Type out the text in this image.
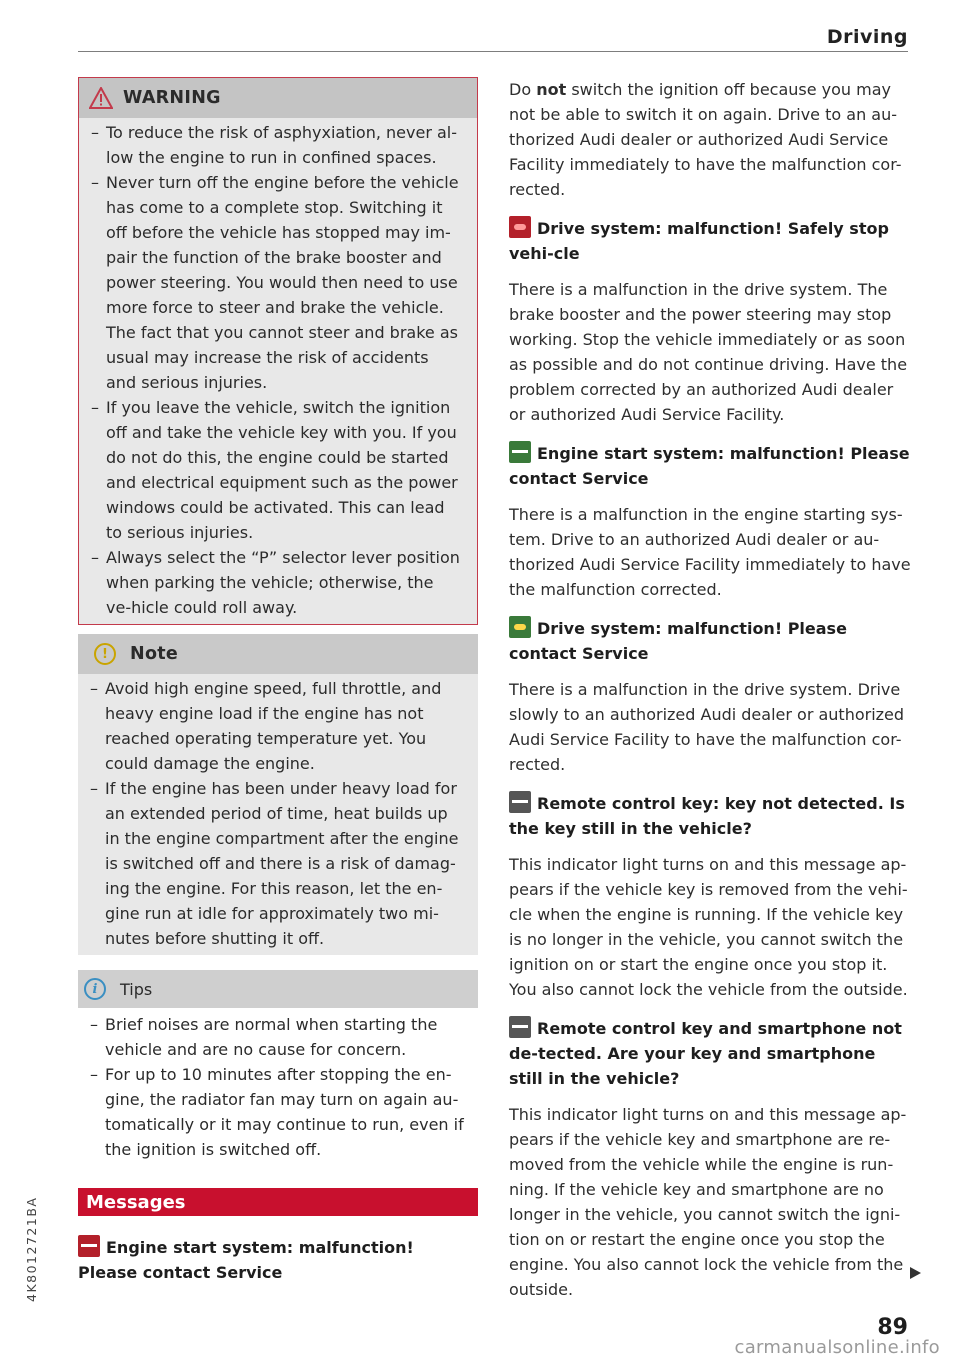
Driving
4K8012721BA
WARNING
– To reduce the risk of asphyxiation, never al-low the engine to run in confined spaces.
– Never turn off the engine before the vehicle has come to a complete stop. Switching it off before the vehicle has stopped may im-pair the function of the brake booster and power steering. You would then need to use more force to steer and brake the vehicle. The fact that you cannot steer and brake as usual may increase the risk of accidents and serious injuries.
– If you leave the vehicle, switch the ignition off and take the vehicle key with you. If you do not do this, the engine could be started and electrical equipment such as the power windows could be activated. This can lead to serious injuries.
– Always select the “P” selector lever position when parking the vehicle; otherwise, the ve-hicle could roll away.
!	Note
– Avoid high engine speed, full throttle, and heavy engine load if the engine has not reached operating temperature yet. You could damage the engine.
– If the engine has been under heavy load for an extended period of time, heat builds up in the engine compartment after the engine is switched off and there is a risk of damag-ing the engine. For this reason, let the en-gine run at idle for approximately two mi-nutes before shutting it off.
i	Tips
– Brief noises are normal when starting the vehicle and are no cause for concern.
– For up to 10 minutes after stopping the en-gine, the radiator fan may turn on again au-tomatically or it may continue to run, even if the ignition is switched off.
Messages
Engine start system: malfunction! Please contact Service

Do not switch the ignition off because you may not be able to switch it on again. Drive to an au-thorized Audi dealer or authorized Audi Service Facility immediately to have the malfunction cor-rected.

Drive system: malfunction! Safely stop vehi-cle

There is a malfunction in the drive system. The brake booster and the power steering may stop working. Stop the vehicle immediately or as soon as possible and do not continue driving. Have the problem corrected by an authorized Audi dealer or authorized Audi Service Facility.

Engine start system: malfunction! Please contact Service

There is a malfunction in the engine starting sys-tem. Drive to an authorized Audi dealer or au-thorized Audi Service Facility immediately to have the malfunction corrected.

Drive system: malfunction! Please contact Service

There is a malfunction in the drive system. Drive slowly to an authorized Audi dealer or authorized Audi Service Facility to have the malfunction cor-rected.

Remote control key: key not detected. Is the key still in the vehicle?

This indicator light turns on and this message ap-pears if the vehicle key is removed from the vehi-cle when the engine is running. If the vehicle key is no longer in the vehicle, you cannot switch the ignition on or start the engine once you stop it. You also cannot lock the vehicle from the outside.

Remote control key and smartphone not de-tected. Are your key and smartphone still in the vehicle?

This indicator light turns on and this message ap-pears if the vehicle key and smartphone are re-moved from the vehicle while the engine is run-ning. If the vehicle key and smartphone are no longer in the vehicle, you cannot switch the igni-tion on or restart the engine once you stop the engine. You also cannot lock the vehicle from the outside.

89
carmanualsonline.info
